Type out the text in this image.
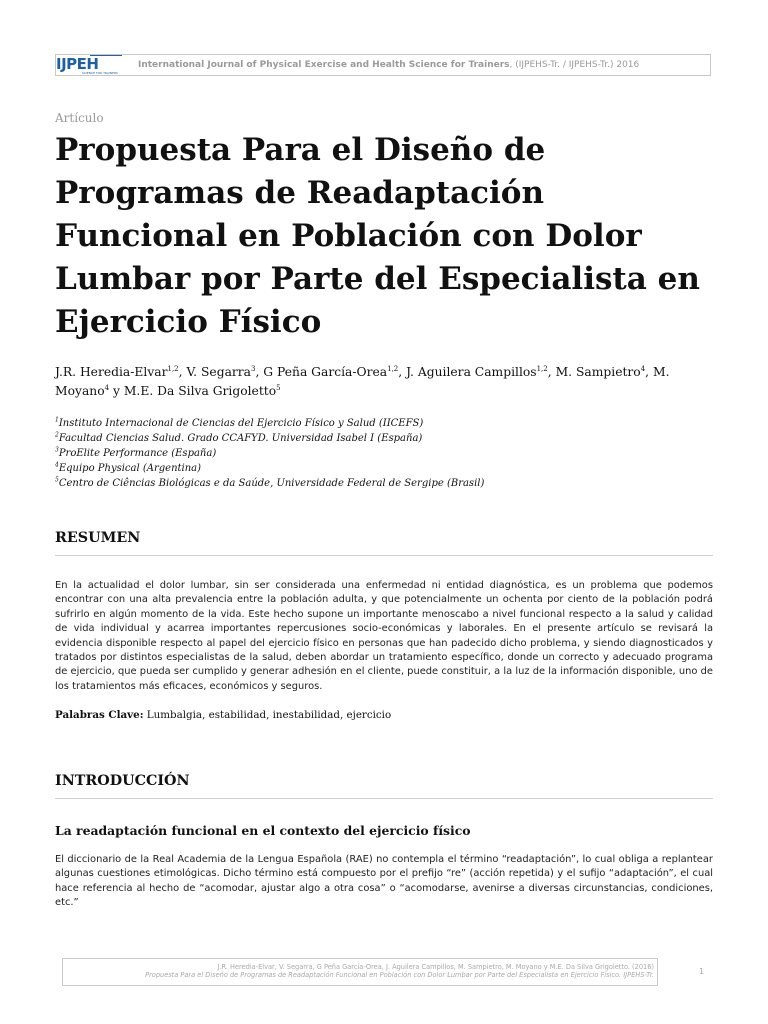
IJPEH
SCIENCE FOR TRAINERS
International Journal of Physical Exercise and Health Science for Trainers, (IJPEHS-Tr. / IJPEHS-Tr.) 2016
Artículo
Propuesta Para el Diseño de Programas de Readaptación Funcional en Población con Dolor Lumbar por Parte del Especialista en Ejercicio Físico

J.R. Heredia-Elvar$^{1,2}$, V. Segarra$^3$, G Peña García-Orea$^{1,2}$, J. Aguilera Campillos$^{1,2}$, M. Sampietro$^4$, M. Moyano$^4$ y M.E. Da Silva Grigoletto$^5$

$^1$Instituto Internacional de Ciencias del Ejercicio Físico y Salud (IICEFS)
$^2$Facultad Ciencias Salud. Grado CCAFYD. Universidad Isabel I (España)
$^3$ProElite Performance (España)
$^4$Equipo Physical (Argentina)
$^5$Centro de Ciências Biológicas e da Saúde, Universidade Federal de Sergipe (Brasil)
RESUMEN

En la actualidad el dolor lumbar, sin ser considerada una enfermedad ni entidad diagnóstica, es un problema que podemos encontrar con una alta prevalencia entre la población adulta, y que potencialmente un ochenta por ciento de la población podrá sufrirlo en algún momento de la vida. Este hecho supone un importante menoscabo a nivel funcional respecto a la salud y calidad de vida individual y acarrea importantes repercusiones socio-económicas y laborales. En el presente artículo se revisará la evidencia disponible respecto al papel del ejercicio físico en personas que han padecido dicho problema, y siendo diagnosticados y tratados por distintos especialistas de la salud, deben abordar un tratamiento específico, donde un correcto y adecuado programa de ejercicio, que pueda ser cumplido y generar adhesión en el cliente, puede constituir, a la luz de la información disponible, uno de los tratamientos más eficaces, económicos y seguros.

Palabras Clave: Lumbalgia, estabilidad, inestabilidad, ejercicio

INTRODUCCIÓN
La readaptación funcional en el contexto del ejercicio físico

El diccionario de la Real Academia de la Lengua Española (RAE) no contempla el término “readaptación”, lo cual obliga a replantear algunas cuestiones etimológicas. Dicho término está compuesto por el prefijo “re” (acción repetida) y el sufijo “adaptación”, el cual hace referencia al hecho de “acomodar, ajustar algo a otra cosa” o “acomodarse, avenirse a diversas circunstancias, condiciones, etc.”

J.R. Heredia-Elvar, V. Segarra, G Peña García-Orea, J. Aguilera Campillos, M. Sampietro, M. Moyano y M.E. Da Silva Grigoletto. (2016)
Propuesta Para el Diseño de Programas de Readaptación Funcional en Población con Dolor Lumbar por Parte del Especialista en Ejercicio Físico. IJPEHS-Tr.	1
